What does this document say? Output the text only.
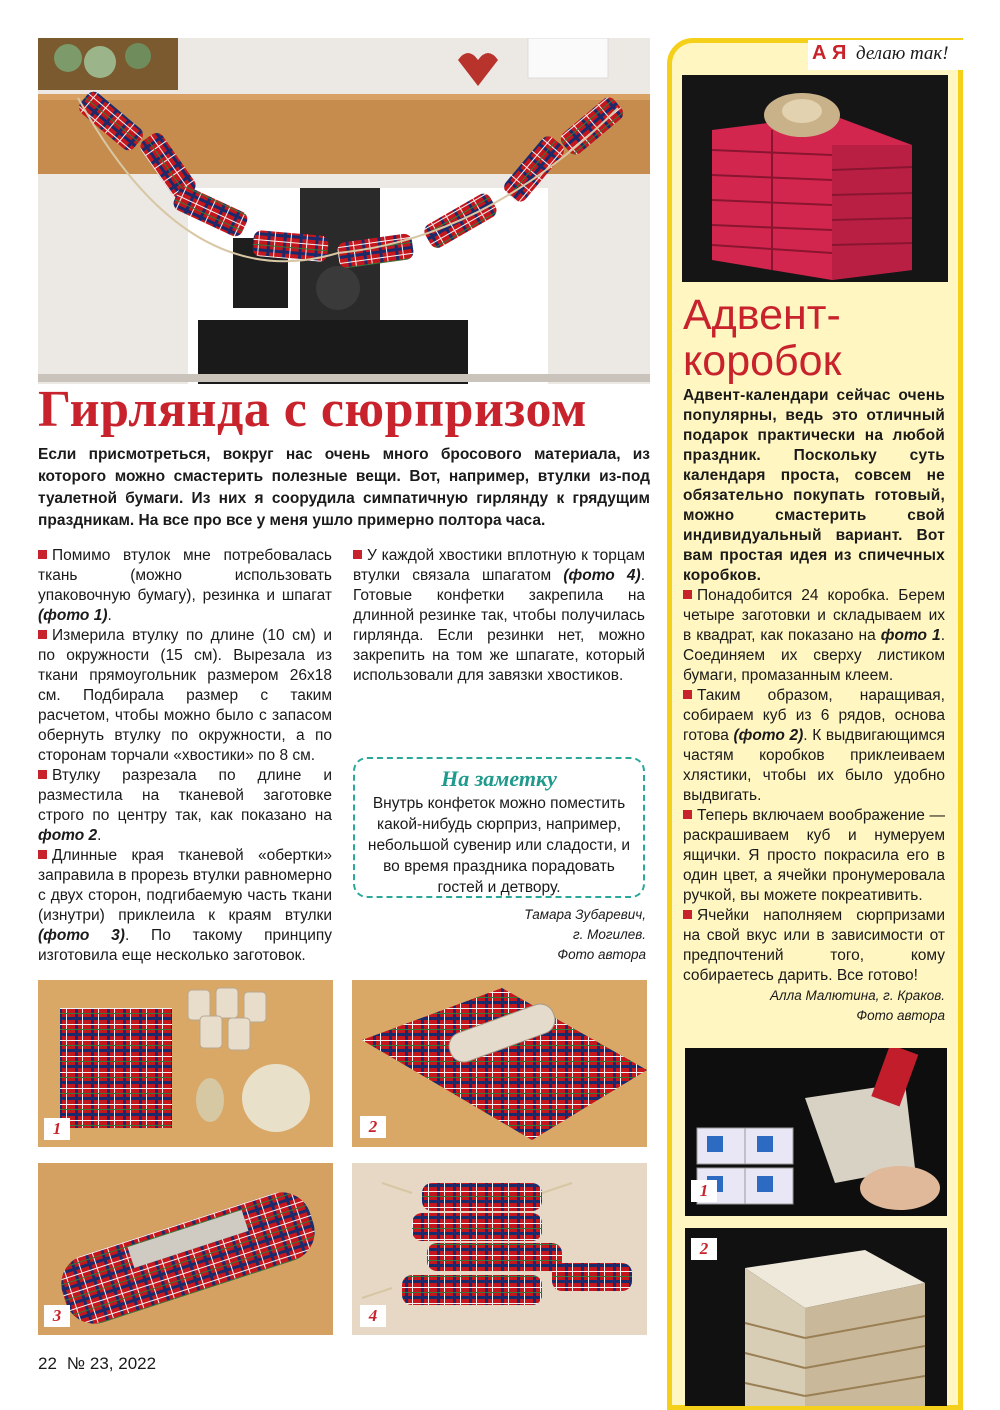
Гирлянда с сюрпризом
Если присмотреться, вокруг нас очень много бросового материала, из которого можно смастерить полезные вещи. Вот, например, втулки из-под туалетной бумаги. Из них я соорудила симпатичную гирлянду к грядущим праздникам. На все про все у меня ушло примерно полтора часа.

Помимо втулок мне потребовалась ткань (можно использовать упаковочную бумагу), резинка и шпагат (фото 1).

Измерила втулку по длине (10 см) и по окружности (15 см). Вырезала из ткани прямоугольник размером 26х18 см. Подбирала размер с таким расчетом, чтобы можно было с запасом обернуть втулку по окружности, а по сторонам торчали «хвостики» по 8 см.

Втулку разрезала по длине и разместила на тканевой заготовке строго по центру так, как показано на фото 2.

Длинные края тканевой «обертки» заправила в прорезь втулки равномерно с двух сторон, подгибаемую часть ткани (изнутри) приклеила к краям втулки (фото 3). По такому принципу изготовила еще несколько заготовок.

У каждой хвостики вплотную к торцам втулки связала шпагатом (фото 4). Готовые конфетки закрепила на длинной резинке так, чтобы получилась гирлянда. Если резинки нет, можно закрепить на том же шпагате, который использовали для завязки хвостиков.

На заметку
Внутрь конфеток можно поместить какой-нибудь сюрприз, например, небольшой сувенир или сладости, и во время праздника порадовать гостей и детвору.
Тамара Зубаревич,
г. Могилев.
Фото автора
1	2
3	4
А Я делаю так!
Адвент-
коробок
Адвент-календари сейчас очень популярны, ведь это отличный подарок практически на любой праздник. Поскольку суть календаря проста, совсем не обязательно покупать готовый, можно смастерить свой индивидуальный вариант. Вот вам простая идея из спичечных коробков.

Понадобится 24 коробка. Берем четыре заготовки и складываем их в квадрат, как показано на фото 1. Соединяем их сверху листиком бумаги, промазанным клеем.

Таким образом, наращивая, собираем куб из 6 рядов, основа готова (фото 2). К выдвигающимся частям коробков приклеиваем хлястики, чтобы их было удобно выдвигать.

Теперь включаем воображение — раскрашиваем куб и нумеруем ящички. Я просто покрасила его в один цвет, а ячейки пронумеровала ручкой, вы можете покреативить.

Ячейки наполняем сюрпризами на свой вкус или в зависимости от предпочтений того, кому собираетесь дарить. Все готово!

Алла Малютина, г. Краков.
Фото автора
1
2
22 № 23, 2022
